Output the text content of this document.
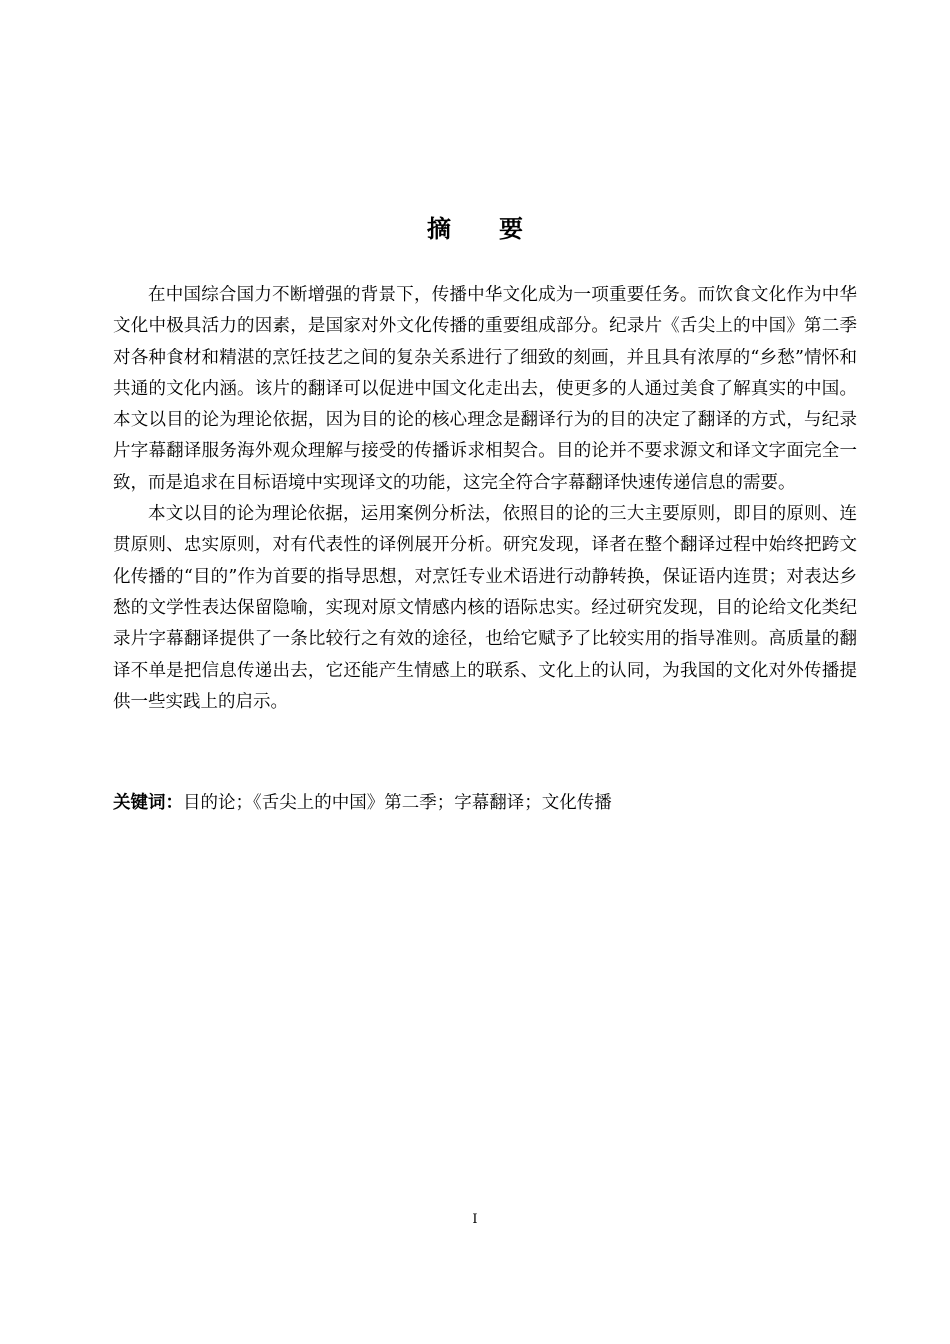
摘 要

在中国综合国力不断增强的背景下，传播中华文化成为一项重要任务。而饮食文化作为中华文化中极具活力的因素，是国家对外文化传播的重要组成部分。纪录片《舌尖上的中国》第二季对各种食材和精湛的烹饪技艺之间的复杂关系进行了细致的刻画，并且具有浓厚的“乡愁”情怀和共通的文化内涵。该片的翻译可以促进中国文化走出去，使更多的人通过美食了解真实的中国。本文以目的论为理论依据，因为目的论的核心理念是翻译行为的目的决定了翻译的方式，与纪录片字幕翻译服务海外观众理解与接受的传播诉求相契合。目的论并不要求源文和译文字面完全一致，而是追求在目标语境中实现译文的功能，这完全符合字幕翻译快速传递信息的需要。

本文以目的论为理论依据，运用案例分析法，依照目的论的三大主要原则，即目的原则、连贯原则、忠实原则，对有代表性的译例展开分析。研究发现，译者在整个翻译过程中始终把跨文化传播的“目的”作为首要的指导思想，对烹饪专业术语进行动静转换，保证语内连贯；对表达乡愁的文学性表达保留隐喻，实现对原文情感内核的语际忠实。经过研究发现，目的论给文化类纪录片字幕翻译提供了一条比较行之有效的途径，也给它赋予了比较实用的指导准则。高质量的翻译不单是把信息传递出去，它还能产生情感上的联系、文化上的认同，为我国的文化对外传播提供一些实践上的启示。

关键词：目的论；《舌尖上的中国》第二季；字幕翻译；文化传播
I
